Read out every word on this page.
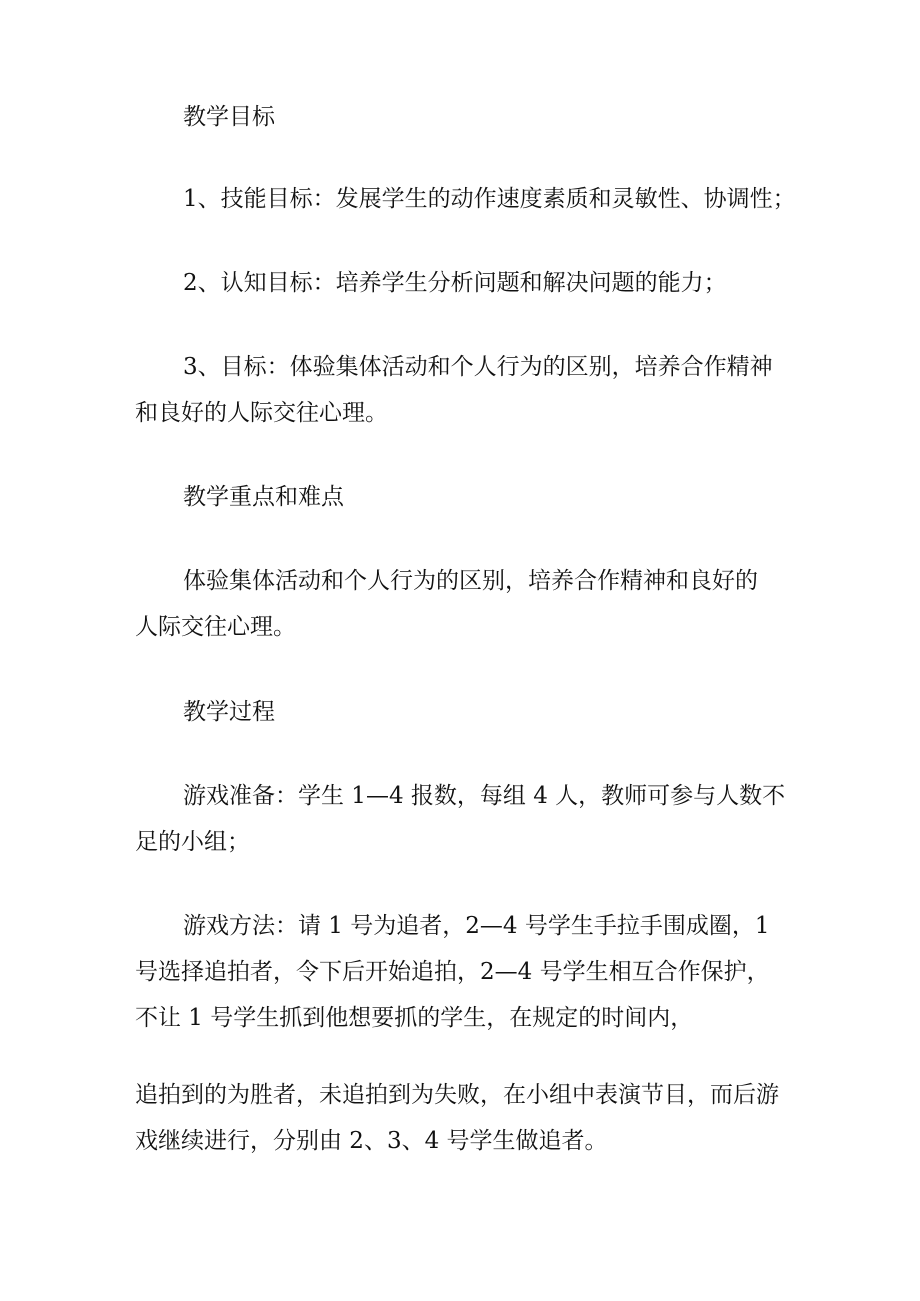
教学目标

1、技能目标：发展学生的动作速度素质和灵敏性、协调性；

2、认知目标：培养学生分析问题和解决问题的能力；

3、目标：体验集体活动和个人行为的区别，培养合作精神

和良好的人际交往心理。

教学重点和难点

体验集体活动和个人行为的区别，培养合作精神和良好的

人际交往心理。

教学过程

游戏准备：学生 1—4 报数，每组 4 人，教师可参与人数不

足的小组；

游戏方法：请 1 号为追者，2—4 号学生手拉手围成圈，1

号选择追拍者，令下后开始追拍，2—4 号学生相互合作保护，

不让 1 号学生抓到他想要抓的学生，在规定的时间内，

追拍到的为胜者，未追拍到为失败，在小组中表演节目，而后游

戏继续进行，分别由 2、3、4 号学生做追者。
